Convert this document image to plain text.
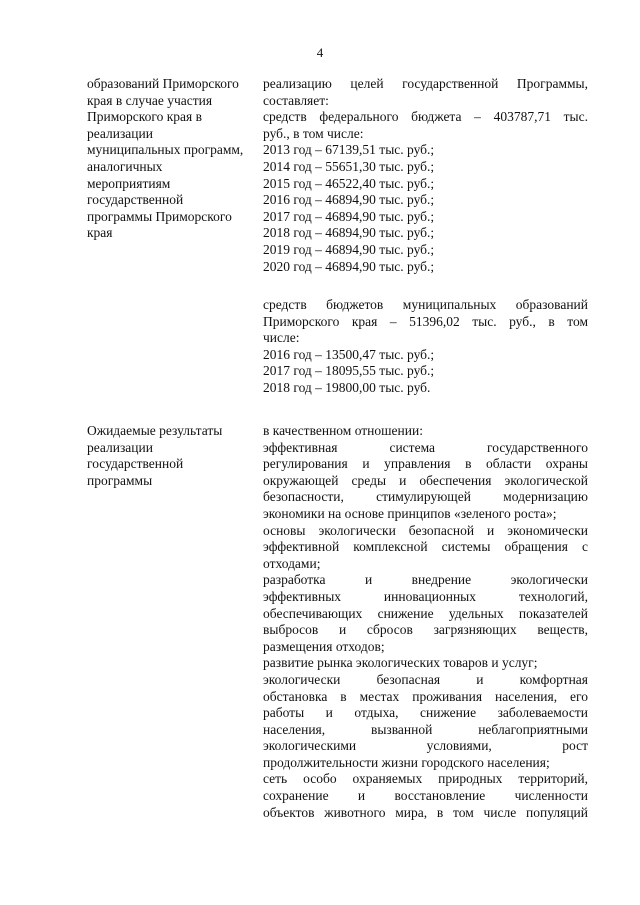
4
образований Приморского
края в случае участия
Приморского края в
реализации
муниципальных программ,
аналогичных
мероприятиям
государственной
программы Приморского
края
реализацию целей государственной Программы,
составляет:
средств федерального бюджета – 403787,71 тыс.
руб., в том числе:
2013 год – 67139,51 тыс. руб.;
2014 год – 55651,30 тыс. руб.;
2015 год – 46522,40 тыс. руб.;
2016 год – 46894,90 тыс. руб.;
2017 год – 46894,90 тыс. руб.;
2018 год – 46894,90 тыс. руб.;
2019 год – 46894,90 тыс. руб.;
2020 год – 46894,90 тыс. руб.;
средств бюджетов муниципальных образований
Приморского края – 51396,02 тыс. руб., в том
числе:
2016 год – 13500,47 тыс. руб.;
2017 год – 18095,55 тыс. руб.;
2018 год – 19800,00 тыс. руб.
Ожидаемые результаты
реализации
государственной
программы
в качественном отношении:
эффективная система государственного
регулирования и управления в области охраны
окружающей среды и обеспечения экологической
безопасности, стимулирующей модернизацию
экономики на основе принципов «зеленого роста»;
основы экологически безопасной и экономически
эффективной комплексной системы обращения с
отходами;
разработка и внедрение экологически
эффективных инновационных технологий,
обеспечивающих снижение удельных показателей
выбросов и сбросов загрязняющих веществ,
размещения отходов;
развитие рынка экологических товаров и услуг;
экологически безопасная и комфортная
обстановка в местах проживания населения, его
работы и отдыха, снижение заболеваемости
населения, вызванной неблагоприятными
экологическими условиями, рост
продолжительности жизни городского населения;
сеть особо охраняемых природных территорий,
сохранение и восстановление численности
объектов животного мира, в том числе популяций
